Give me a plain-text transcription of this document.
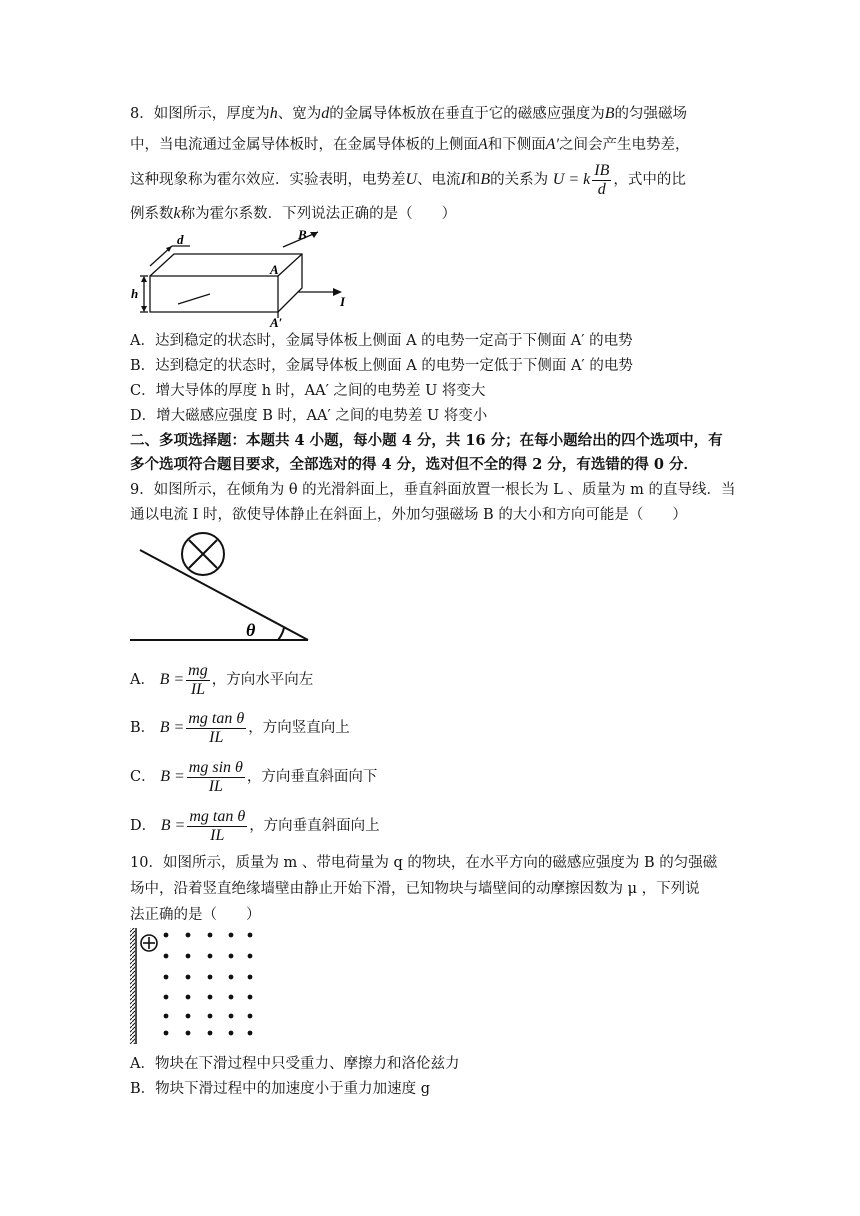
8．如图所示，厚度为h、宽为d的金属导体板放在垂直于它的磁感应强度为B的匀强磁场
中，当电流通过金属导体板时，在金属导体板的上侧面A和下侧面A′之间会产生电势差，
这种现象称为霍尔效应．实验表明，电势差U、电流I和B的关系为 U = k $\frac{IB}{d}$ ，式中的比
例系数k称为霍尔系数．下列说法正确的是（　　）
d	B
A
h
I
A′
A．达到稳定的状态时，金属导体板上侧面 A 的电势一定高于下侧面 A′ 的电势
B．达到稳定的状态时，金属导体板上侧面 A 的电势一定低于下侧面 A′ 的电势
C．增大导体的厚度 h 时，AA′ 之间的电势差 U 将变大
D．增大磁感应强度 B 时，AA′ 之间的电势差 U 将变小
二、多项选择题：本题共 4 小题，每小题 4 分，共 16 分；在每小题给出的四个选项中，有
多个选项符合题目要求，全部选对的得 4 分，选对但不全的得 2 分，有选错的得 0 分．
9．如图所示，在倾角为 θ 的光滑斜面上，垂直斜面放置一根长为 L 、质量为 m 的直导线．当
通以电流 I 时，欲使导体静止在斜面上，外加匀强磁场 B 的大小和方向可能是（　　）
θ
A． $B = \frac{mg}{IL}$ ，方向水平向左
B． $B = \frac{\text{mg tan θ}}{IL}$ ，方向竖直向上
C． $B = \frac{\text{mg sin θ}}{IL}$ ，方向垂直斜面向下
D． $B = \frac{\text{mg tan θ}}{IL}$ ，方向垂直斜面向上
10．如图所示，质量为 m 、带电荷量为 q 的物块，在水平方向的磁感应强度为 B 的匀强磁
场中，沿着竖直绝缘墙壁由静止开始下滑，已知物块与墙壁间的动摩擦因数为 μ ，下列说
法正确的是（　　）
A．物块在下滑过程中只受重力、摩擦力和洛伦兹力
B．物块下滑过程中的加速度小于重力加速度 g
